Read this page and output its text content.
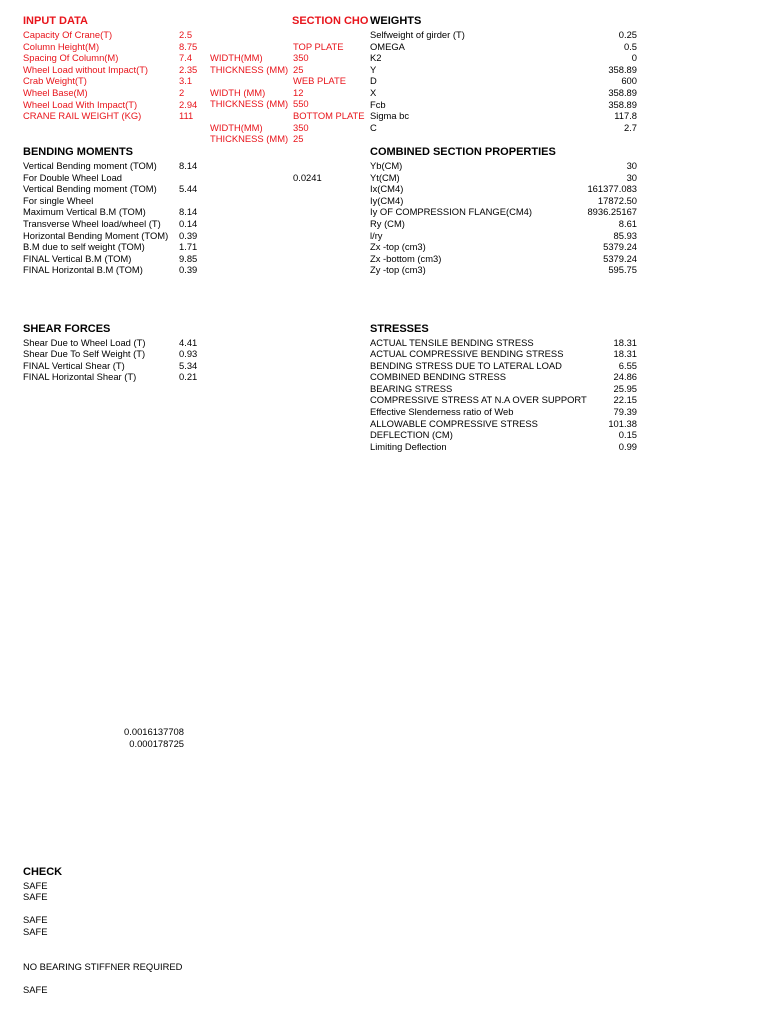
INPUT DATA
Capacity Of Crane(T)
Column Height(M)
Spacing Of Column(M)
Wheel Load without Impact(T)
Crab Weight(T)
Wheel Base(M)
Wheel Load With Impact(T)
CRANE RAIL WEIGHT (KG)
2.5
8.75
7.4
2.35
3.1
2
2.94
111
SECTION CHO
WIDTH(MM)
THICKNESS (MM)
WIDTH (MM)
THICKNESS (MM)
WIDTH(MM)
THICKNESS (MM)
TOP PLATE
350
25
WEB PLATE
12
550
BOTTOM PLATE
350
25
WEIGHTS
Selfweight of girder (T)
OMEGA
K2
Y
D
X
Fcb
Sigma bc
C
0.25
0.5
0
358.89
600
358.89
358.89
117.8
2.7
BENDING MOMENTS
Vertical Bending moment (TOM)
For Double Wheel Load
Vertical Bending moment (TOM)
For single Wheel
Maximum Vertical B.M (TOM)
Transverse Wheel load/wheel (T)
Horizontal Bending Moment (TOM)
B.M due to self weight (TOM)
FINAL Vertical B.M (TOM)
FINAL Horizontal B.M (TOM)
8.14
5.44
8.14
0.14
0.39
1.71
9.85
0.39
0.0241
COMBINED SECTION PROPERTIES
Yb(CM)
Yt(CM)
Ix(CM4)
Iy(CM4)
Iy OF COMPRESSION FLANGE(CM4)
Ry (CM)
l/ry
Zx -top (cm3)
Zx -bottom (cm3)
Zy -top (cm3)
30
30
161377.083
17872.50
8936.25167
8.61
85.93
5379.24
5379.24
595.75
SHEAR FORCES
Shear Due to Wheel Load (T)
Shear Due To Self Weight (T)
FINAL Vertical Shear (T)
FINAL Horizontal Shear (T)
4.41
0.93
5.34
0.21
STRESSES
ACTUAL TENSILE BENDING STRESS
ACTUAL COMPRESSIVE BENDING STRESS
BENDING STRESS DUE TO LATERAL LOAD
COMBINED BENDING STRESS
BEARING STRESS
COMPRESSIVE STRESS AT N.A OVER SUPPORT
Effective Slenderness ratio of Web
ALLOWABLE COMPRESSIVE STRESS
DEFLECTION (CM)
Limiting Deflection
18.31
18.31
6.55
24.86
25.95
22.15
79.39
101.38
0.15
0.99
0.0016137708
0.000178725
CHECK
SAFE
SAFE
SAFE
SAFE
NO BEARING STIFFNER REQUIRED
SAFE
